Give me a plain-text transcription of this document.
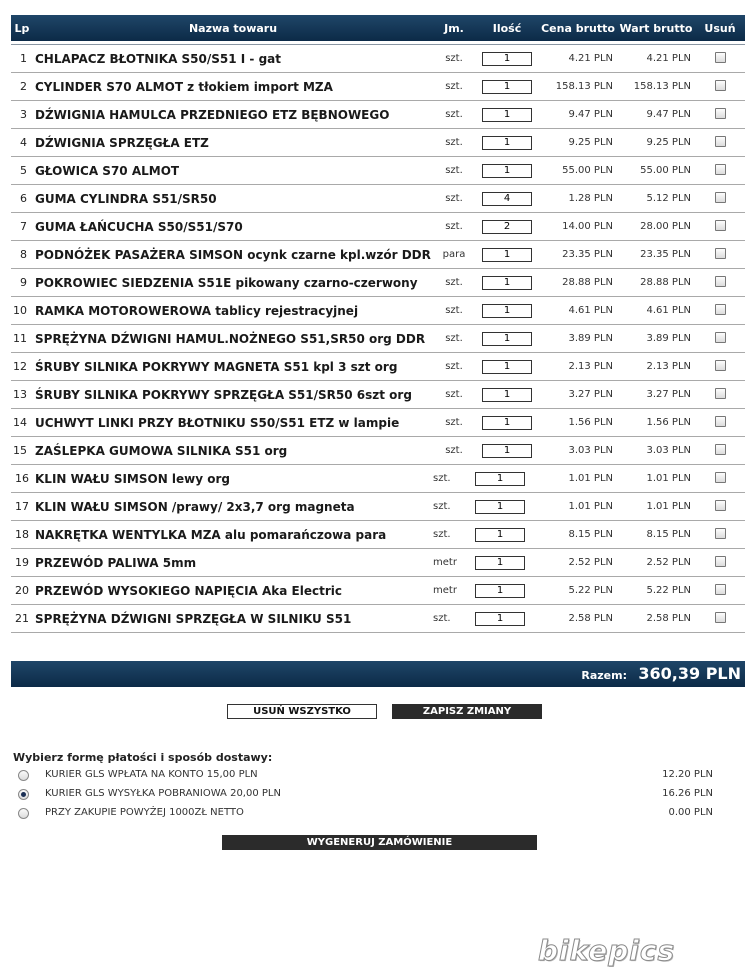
Lp	Nazwa towaru	Jm.	Ilość	Cena brutto	Wart brutto	Usuń

1	CHLAPACZ BŁOTNIKA S50/S51 I - gat	szt.	1	4.21 PLN	4.21 PLN	
2	CYLINDER S70 ALMOT z tłokiem import MZA	szt.	1	158.13 PLN	158.13 PLN	
3	DŹWIGNIA HAMULCA PRZEDNIEGO ETZ BĘBNOWEGO	szt.	1	9.47 PLN	9.47 PLN	
4	DŹWIGNIA SPRZĘGŁA ETZ	szt.	1	9.25 PLN	9.25 PLN	
5	GŁOWICA S70 ALMOT	szt.	1	55.00 PLN	55.00 PLN	
6	GUMA CYLINDRA S51/SR50	szt.	4	1.28 PLN	5.12 PLN	
7	GUMA ŁAŃCUCHA S50/S51/S70	szt.	2	14.00 PLN	28.00 PLN	
8	PODNÓŻEK PASAŻERA SIMSON ocynk czarne kpl.wzór DDR	para	1	23.35 PLN	23.35 PLN	
9	POKROWIEC SIEDZENIA S51E pikowany czarno-czerwony	szt.	1	28.88 PLN	28.88 PLN	
10	RAMKA MOTOROWEROWA tablicy rejestracyjnej	szt.	1	4.61 PLN	4.61 PLN	
11	SPRĘŻYNA DŹWIGNI HAMUL.NOŻNEGO S51,SR50 org DDR	szt.	1	3.89 PLN	3.89 PLN	
12	ŚRUBY SILNIKA POKRYWY MAGNETA S51 kpl 3 szt org	szt.	1	2.13 PLN	2.13 PLN	
13	ŚRUBY SILNIKA POKRYWY SPRZĘGŁA S51/SR50 6szt org	szt.	1	3.27 PLN	3.27 PLN	
14	UCHWYT LINKI PRZY BŁOTNIKU S50/S51 ETZ w lampie	szt.	1	1.56 PLN	1.56 PLN	
15	ZAŚLEPKA GUMOWA SILNIKA S51 org	szt.	1	3.03 PLN	3.03 PLN	
16	KLIN WAŁU SIMSON lewy org	szt.	1	1.01 PLN	1.01 PLN	
17	KLIN WAŁU SIMSON /prawy/ 2x3,7 org magneta	szt.	1	1.01 PLN	1.01 PLN	
18	NAKRĘTKA WENTYLKA MZA alu pomarańczowa para	szt.	1	8.15 PLN	8.15 PLN	
19	PRZEWÓD PALIWA 5mm	metr	1	2.52 PLN	2.52 PLN	
20	PRZEWÓD WYSOKIEGO NAPIĘCIA Aka Electric	metr	1	5.22 PLN	5.22 PLN	
21	SPRĘŻYNA DŹWIGNI SPRZĘGŁA W SILNIKU S51	szt.	1	2.58 PLN	2.58 PLN	
Razem: 360,39 PLN
USUŃ WSZYSTKO	ZAPISZ ZMIANY
Wybierz formę płatości i sposób dostawy:
KURIER GLS WPŁATA NA KONTO 15,00 PLN	12.20 PLN
KURIER GLS WYSYŁKA POBRANIOWA 20,00 PLN	16.26 PLN
PRZY ZAKUPIE POWYŻEJ 1000ZŁ NETTO	0.00 PLN
WYGENERUJ ZAMÓWIENIE
bikepics
